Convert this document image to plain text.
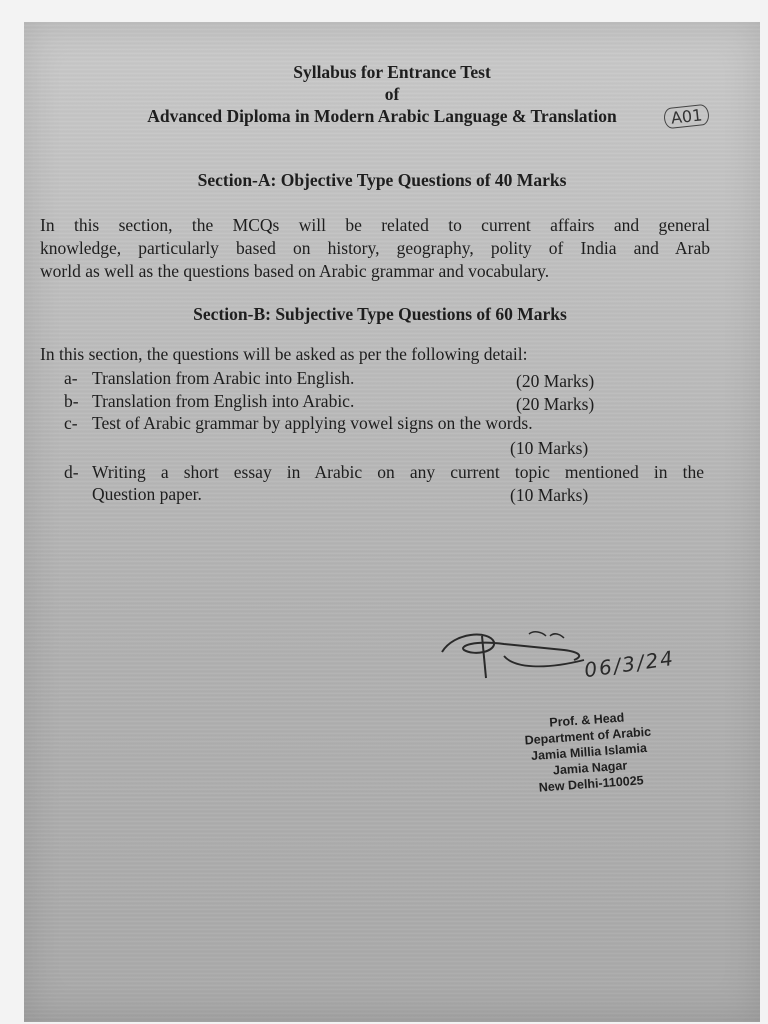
Syllabus for Entrance Test
of
Advanced Diploma in Modern Arabic Language & Translation	A01
Section-A: Objective Type Questions of 40 Marks
In this section, the MCQs will be related to current affairs and general
knowledge, particularly based on history, geography, polity of India and Arab
world as well as the questions based on Arabic grammar and vocabulary.
Section-B: Subjective Type Questions of 60 Marks
In this section, the questions will be asked as per the following detail:
a- Translation from Arabic into English.	(20 Marks)
b- Translation from English into Arabic.	(20 Marks)
c- Test of Arabic grammar by applying vowel signs on the words.
(10 Marks)
d- Writing a short essay in Arabic on any current topic mentioned in the
Question paper.	(10 Marks)
06/3/24
Prof. & Head
Department of Arabic
Jamia Millia Islamia
Jamia Nagar
New Delhi-110025
